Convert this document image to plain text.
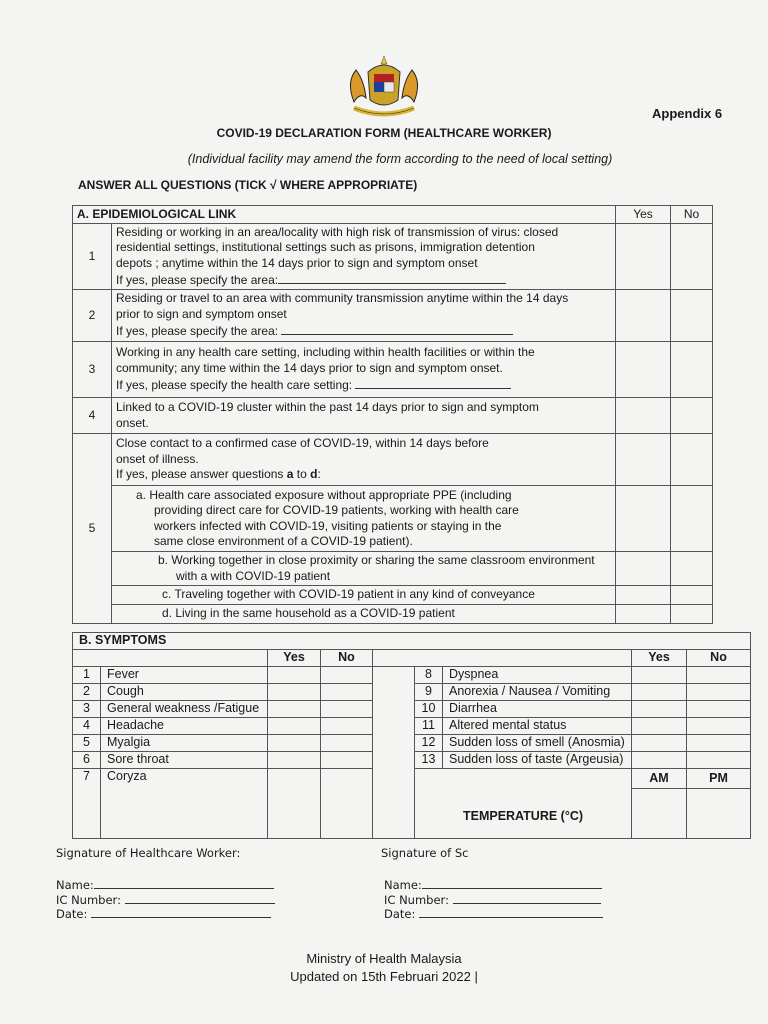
Appendix 6
COVID-19 DECLARATION FORM (HEALTHCARE WORKER)
(Individual facility may amend the form according to the need of local setting)
ANSWER ALL QUESTIONS (TICK √ WHERE APPROPRIATE)
A. EPIDEMIOLOGICAL LINK		Yes	No
1	Residing or working in an area/locality with high risk of transmission of virus: closed
residential settings, institutional settings such as prisons, immigration detention
depots ; anytime within the 14 days prior to sign and symptom onset
If yes, please specify the area:		
2	Residing or travel to an area with community transmission anytime within the 14 days
prior to sign and symptom onset
If yes, please specify the area:		
3	Working in any health care setting, including within health facilities or within the
community; any time within the 14 days prior to sign and symptom onset.
If yes, please specify the health care setting:		
4	Linked to a COVID-19 cluster within the past 14 days prior to sign and symptom
onset.		

5	Close contact to a confirmed case of COVID-19, within 14 days before
onset of illness.
If yes, please answer questions a to d:		

	a. Health care associated exposure without appropriate PPE (including
providing direct care for COVID-19 patients, working with health care
workers infected with COVID-19, visiting patients or staying in the
same close environment of a COVID-19 patient).		

	b. Working together in close proximity or sharing the same classroom environment
with a with COVID-19 patient		

	c. Traveling together with COVID-19 patient in any kind of conveyance		
	d. Living in the same household as a COVID-19 patient		
B. SYMPTOMS								
		Yes	No				Yes	No
1	Fever				8	Dyspnea		
2	Cough				9	Anorexia / Nausea / Vomiting		
3	General weakness /Fatigue				10	Diarrhea		
4	Headache				11	Altered mental status		
5	Myalgia				12	Sudden loss of smell (Anosmia)		
6	Sore throat				13	Sudden loss of taste (Argeusia)		
7	Coryza				TEMPERATURE (°C)		AM	PM

Signature of Healthcare Worker:	Signature of Sc
Name:
IC Number:
Date:
Name:
IC Number:
Date:
Ministry of Health Malaysia
Updated on 15th Februari 2022 |
